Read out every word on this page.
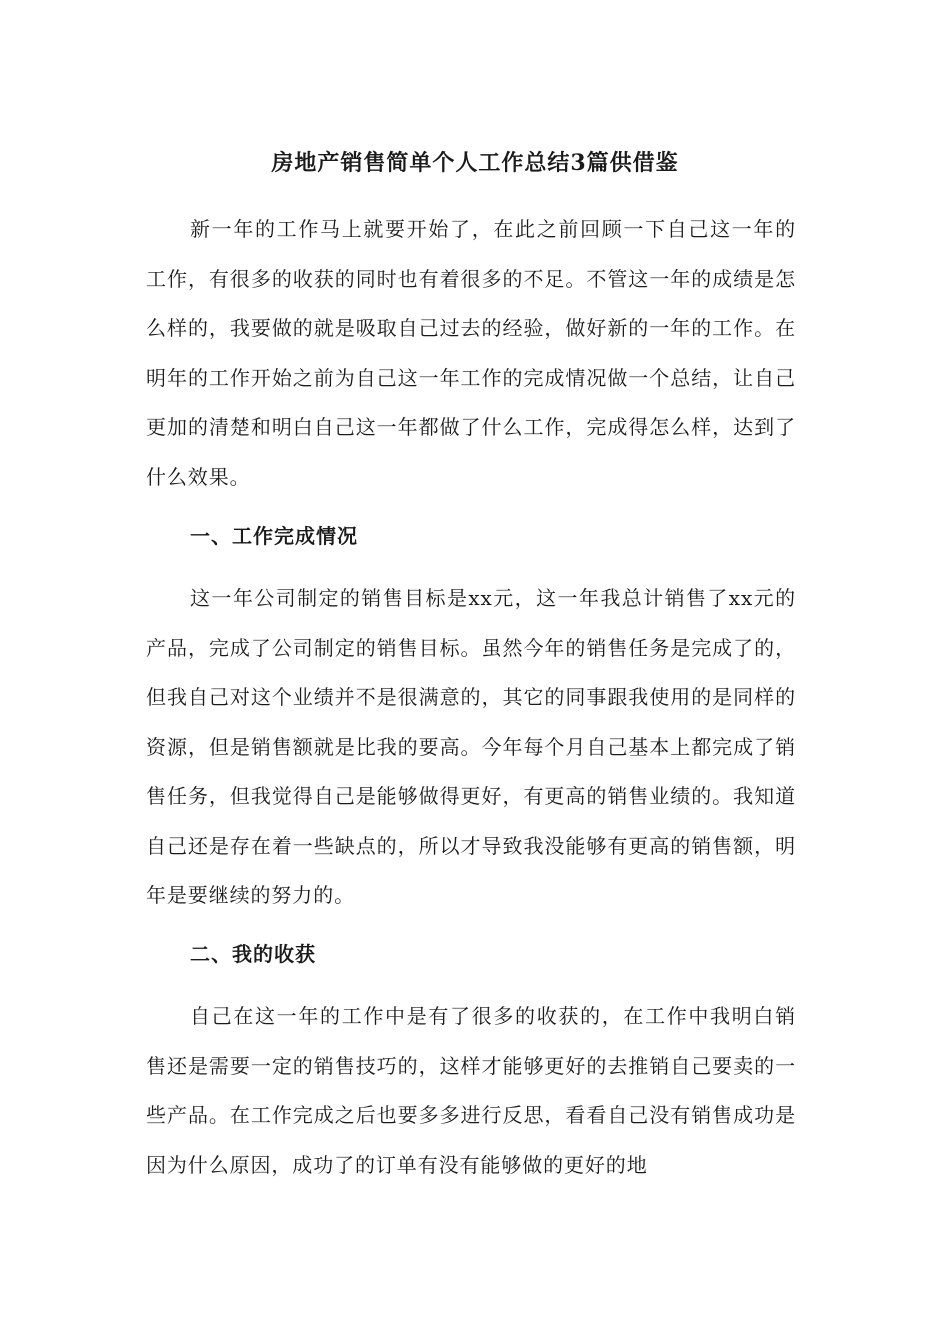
房地产销售简单个人工作总结3篇供借鉴

新一年的工作马上就要开始了，在此之前回顾一下自己这一年的工作，有很多的收获的同时也有着很多的不足。不管这一年的成绩是怎么样的，我要做的就是吸取自己过去的经验，做好新的一年的工作。在明年的工作开始之前为自己这一年工作的完成情况做一个总结，让自己更加的清楚和明白自己这一年都做了什么工作，完成得怎么样，达到了什么效果。

一、工作完成情况

这一年公司制定的销售目标是xx元，这一年我总计销售了xx元的产品，完成了公司制定的销售目标。虽然今年的销售任务是完成了的，但我自己对这个业绩并不是很满意的，其它的同事跟我使用的是同样的资源，但是销售额就是比我的要高。今年每个月自己基本上都完成了销售任务，但我觉得自己是能够做得更好，有更高的销售业绩的。我知道自己还是存在着一些缺点的，所以才导致我没能够有更高的销售额，明年是要继续的努力的。

二、我的收获

自己在这一年的工作中是有了很多的收获的，在工作中我明白销售还是需要一定的销售技巧的，这样才能够更好的去推销自己要卖的一些产品。在工作完成之后也要多多进行反思，看看自己没有销售成功是因为什么原因，成功了的订单有没有能够做的更好的地
